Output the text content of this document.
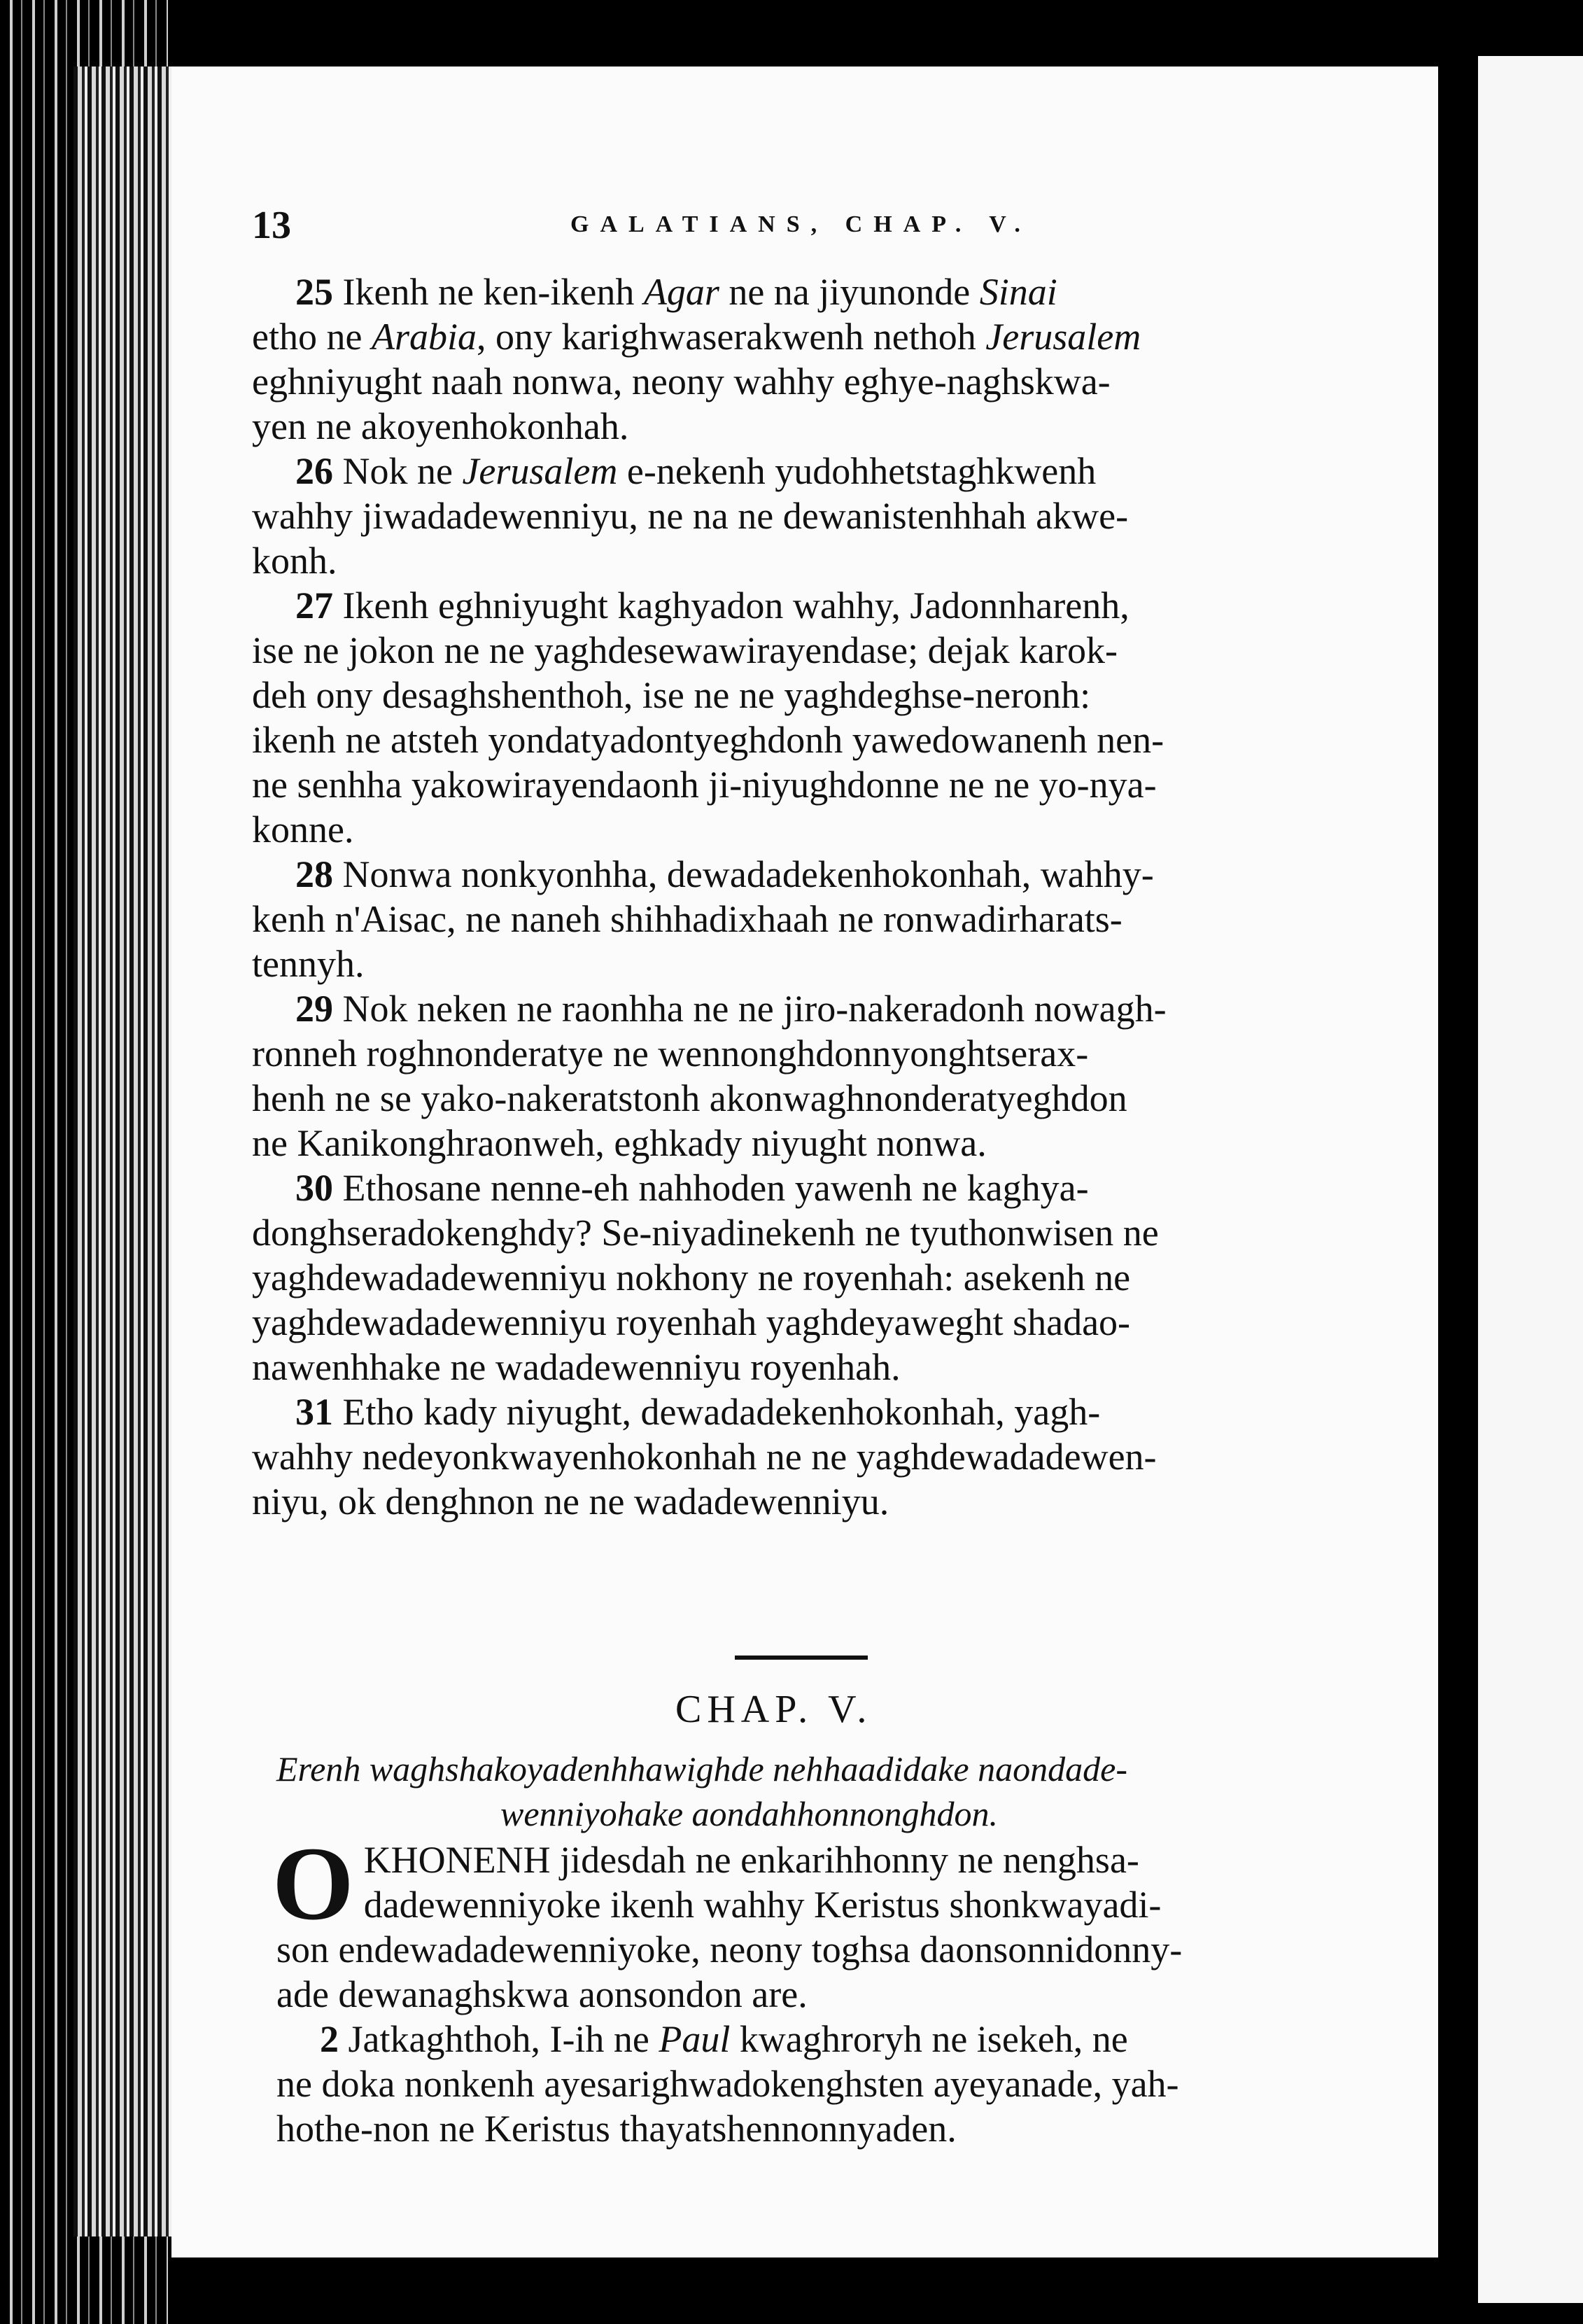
13	GALATIANS, CHAP. V.
25 Ikenh ne ken-ikenh Agar ne na jiyunonde Sinai
etho ne Arabia, ony karighwaserakwenh nethoh Jerusalem
eghniyught naah nonwa, neony wahhy eghye-naghskwa-
yen ne akoyenhokonhah.
26 Nok ne Jerusalem e-nekenh yudohhetstaghkwenh
wahhy jiwadadewenniyu, ne na ne dewanistenhhah akwe-
konh.
27 Ikenh eghniyught kaghyadon wahhy, Jadonnharenh,
ise ne jokon ne ne yaghdesewawirayendase; dejak karok-
deh ony desaghshenthoh, ise ne ne yaghdeghse-neronh:
ikenh ne atsteh yondatyadontyeghdonh yawedowanenh nen-
ne senhha yakowirayendaonh ji-niyughdonne ne ne yo-nya-
konne.
28 Nonwa nonkyonhha, dewadadekenhokonhah, wahhy-
kenh n'Aisac, ne naneh shihhadixhaah ne ronwadirharats-
tennyh.
29 Nok neken ne raonhha ne ne jiro-nakeradonh nowagh-
ronneh roghnonderatye ne wennonghdonnyonghtserax-
henh ne se yako-nakeratstonh akonwaghnonderatyeghdon
ne Kanikonghraonweh, eghkady niyught nonwa.
30 Ethosane nenne-eh nahhoden yawenh ne kaghya-
donghseradokenghdy? Se-niyadinekenh ne tyuthonwisen ne
yaghdewadadewenniyu nokhony ne royenhah: asekenh ne
yaghdewadadewenniyu royenhah yaghdeyaweght shadao-
nawenhhake ne wadadewenniyu royenhah.
31 Etho kady niyught, dewadadekenhokonhah, yagh-
wahhy nedeyonkwayenhokonhah ne ne yaghdewadadewen-
niyu, ok denghnon ne ne wadadewenniyu.
CHAP. V.
Erenh waghshakoyadenhhawighde nehhaadidake naondade-
wenniyohake aondahhonnonghdon.
O KHONENH jidesdah ne enkarihhonny ne nenghsa-
dadewenniyoke ikenh wahhy Keristus shonkwayadi-
son endewadadewenniyoke, neony toghsa daonsonnidonny-
ade dewanaghskwa aonsondon are.
2 Jatkaghthoh, I-ih ne Paul kwaghroryh ne isekeh, ne
ne doka nonkenh ayesarighwadokenghsten ayeyanade, yah-
hothe-non ne Keristus thayatshennonnyaden.
